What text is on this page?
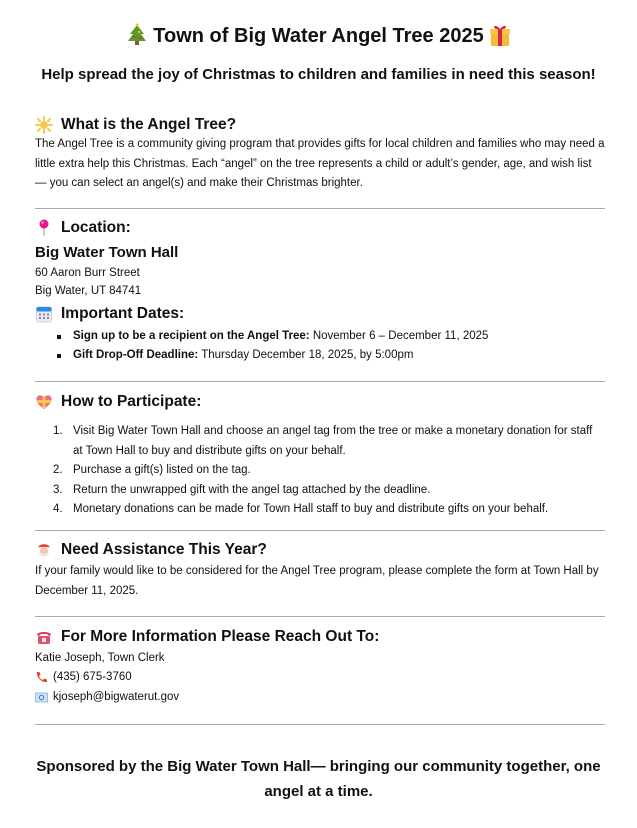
Town of Big Water Angel Tree 2025
Help spread the joy of Christmas to children and families in need this season!
What is the Angel Tree?
The Angel Tree is a community giving program that provides gifts for local children and families who may need a little extra help this Christmas. Each “angel” on the tree represents a child or adult’s gender, age, and wish list — you can select an angel(s) and make their Christmas brighter.
Location:
Big Water Town Hall
60 Aaron Burr Street
Big Water, UT 84741
Important Dates:
Sign up to be a recipient on the Angel Tree: November 6 – December 11, 2025
Gift Drop-Off Deadline: Thursday December 18, 2025, by 5:00pm
How to Participate:
1. Visit Big Water Town Hall and choose an angel tag from the tree or make a monetary donation for staff at Town Hall to buy and distribute gifts on your behalf.
2. Purchase a gift(s) listed on the tag.
3. Return the unwrapped gift with the angel tag attached by the deadline.
4. Monetary donations can be made for Town Hall staff to buy and distribute gifts on your behalf.
Need Assistance This Year?
If your family would like to be considered for the Angel Tree program, please complete the form at Town Hall by December 11, 2025.
For More Information Please Reach Out To:
Katie Joseph, Town Clerk
(435) 675-3760
kjoseph@bigwaterut.gov
Sponsored by the Big Water Town Hall— bringing our community together, one angel at a time.
